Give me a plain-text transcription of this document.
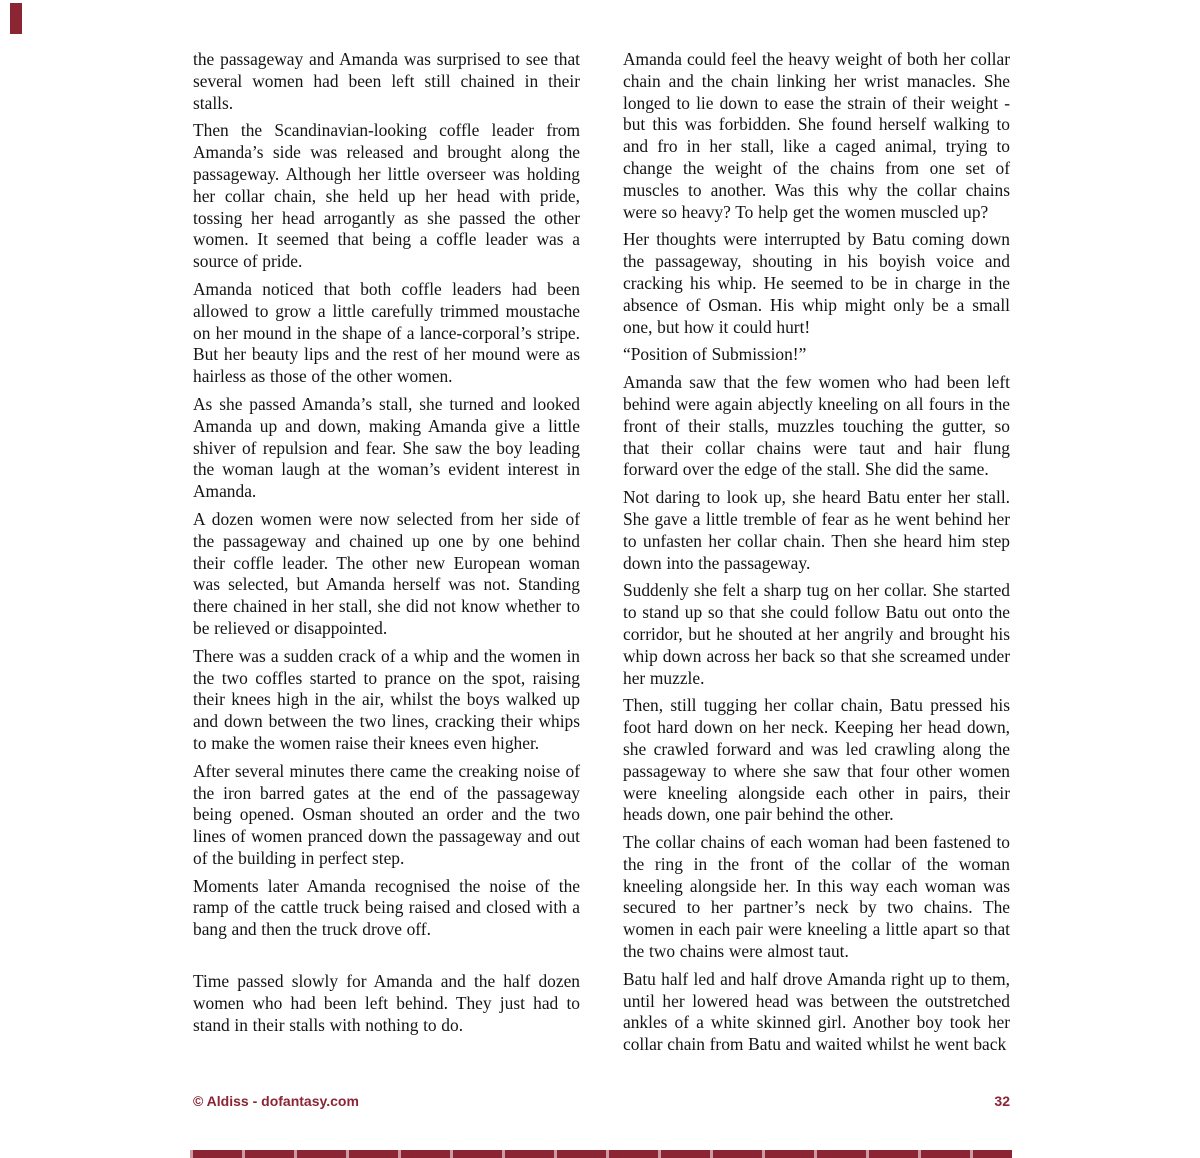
the passageway and Amanda was surprised to see that several women had been left still chained in their stalls.

Then the Scandinavian-looking coffle leader from Amanda’s side was released and brought along the passageway. Although her little overseer was holding her collar chain, she held up her head with pride, tossing her head arrogantly as she passed the other women. It seemed that being a coffle leader was a source of pride.

Amanda noticed that both coffle leaders had been allowed to grow a little carefully trimmed moustache on her mound in the shape of a lance-corporal’s stripe. But her beauty lips and the rest of her mound were as hairless as those of the other women.

As she passed Amanda’s stall, she turned and looked Amanda up and down, making Amanda give a little shiver of repulsion and fear. She saw the boy leading the woman laugh at the woman’s evident interest in Amanda.

A dozen women were now selected from her side of the passageway and chained up one by one behind their coffle leader. The other new European woman was selected, but Amanda herself was not. Standing there chained in her stall, she did not know whether to be relieved or disappointed.

There was a sudden crack of a whip and the women in the two coffles started to prance on the spot, raising their knees high in the air, whilst the boys walked up and down between the two lines, cracking their whips to make the women raise their knees even higher.

After several minutes there came the creaking noise of the iron barred gates at the end of the passageway being opened. Osman shouted an order and the two lines of women pranced down the passageway and out of the building in perfect step.

Moments later Amanda recognised the noise of the ramp of the cattle truck being raised and closed with a bang and then the truck drove off.

Time passed slowly for Amanda and the half dozen women who had been left behind. They just had to stand in their stalls with nothing to do.

Amanda could feel the heavy weight of both her collar chain and the chain linking her wrist manacles. She longed to lie down to ease the strain of their weight - but this was forbidden. She found herself walking to and fro in her stall, like a caged animal, trying to change the weight of the chains from one set of muscles to another. Was this why the collar chains were so heavy? To help get the women muscled up?

Her thoughts were interrupted by Batu coming down the passageway, shouting in his boyish voice and cracking his whip. He seemed to be in charge in the absence of Osman. His whip might only be a small one, but how it could hurt!

“Position of Submission!”

Amanda saw that the few women who had been left behind were again abjectly kneeling on all fours in the front of their stalls, muzzles touching the gutter, so that their collar chains were taut and hair flung forward over the edge of the stall. She did the same.

Not daring to look up, she heard Batu enter her stall. She gave a little tremble of fear as he went behind her to unfasten her collar chain. Then she heard him step down into the passageway.

Suddenly she felt a sharp tug on her collar. She started to stand up so that she could follow Batu out onto the corridor, but he shouted at her angrily and brought his whip down across her back so that she screamed under her muzzle.

Then, still tugging her collar chain, Batu pressed his foot hard down on her neck. Keeping her head down, she crawled forward and was led crawling along the passageway to where she saw that four other women were kneeling alongside each other in pairs, their heads down, one pair behind the other.

The collar chains of each woman had been fastened to the ring in the front of the collar of the woman kneeling alongside her. In this way each woman was secured to her partner’s neck by two chains. The women in each pair were kneeling a little apart so that the two chains were almost taut.

Batu half led and half drove Amanda right up to them, until her lowered head was between the outstretched ankles of a white skinned girl. Another boy took her collar chain from Batu and waited whilst he went back

© Aldiss - dofantasy.com	32
